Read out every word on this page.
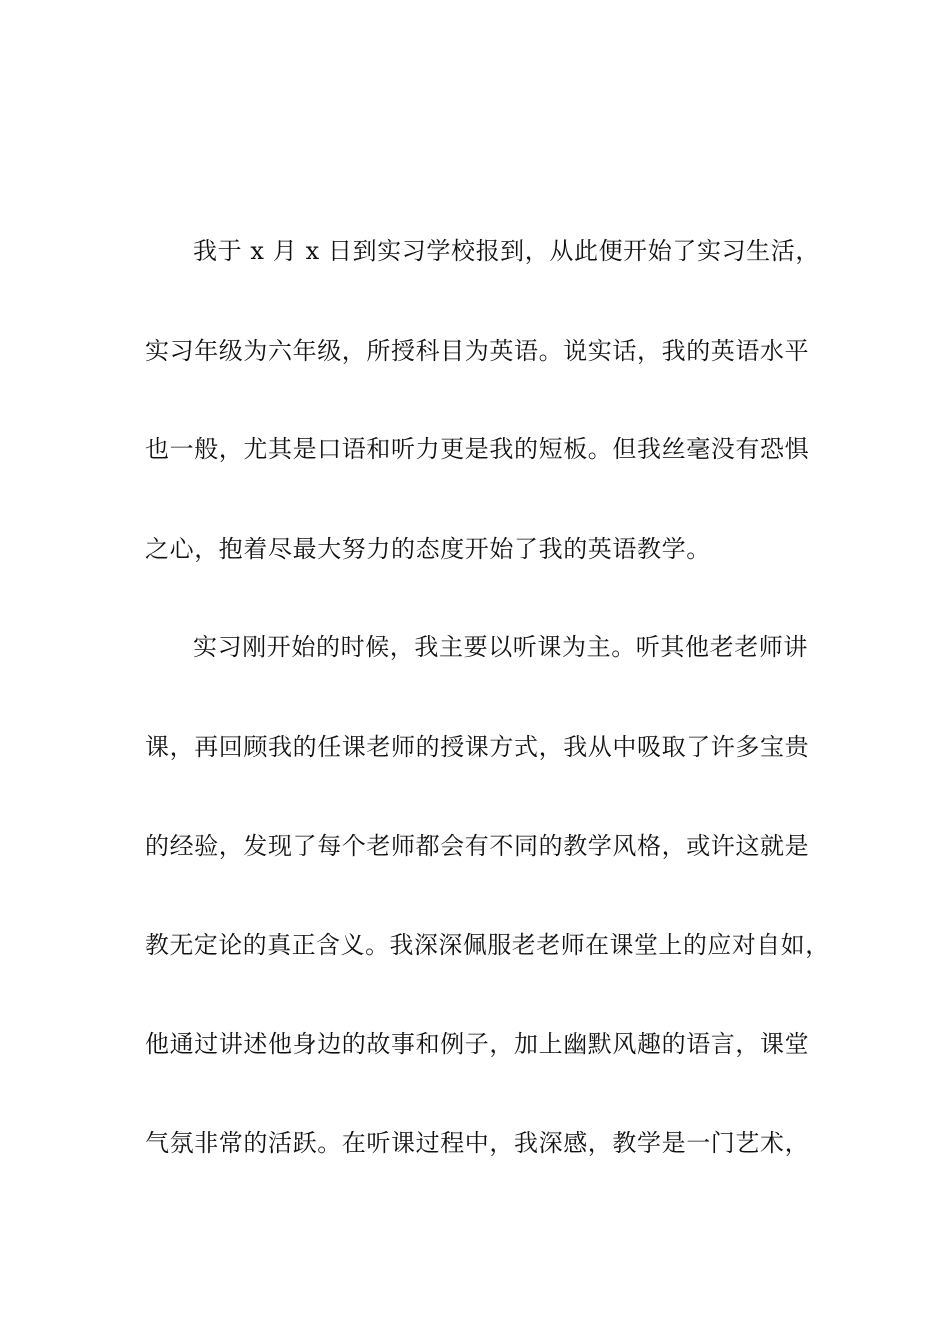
我于 x 月 x 日到实习学校报到，从此便开始了实习生活，
实习年级为六年级，所授科目为英语。说实话，我的英语水平
也一般，尤其是口语和听力更是我的短板。但我丝毫没有恐惧
之心，抱着尽最大努力的态度开始了我的英语教学。
实习刚开始的时候，我主要以听课为主。听其他老老师讲
课，再回顾我的任课老师的授课方式，我从中吸取了许多宝贵
的经验，发现了每个老师都会有不同的教学风格，或许这就是
教无定论的真正含义。我深深佩服老老师在课堂上的应对自如，
他通过讲述他身边的故事和例子，加上幽默风趣的语言，课堂
气氛非常的活跃。在听课过程中，我深感，教学是一门艺术，
